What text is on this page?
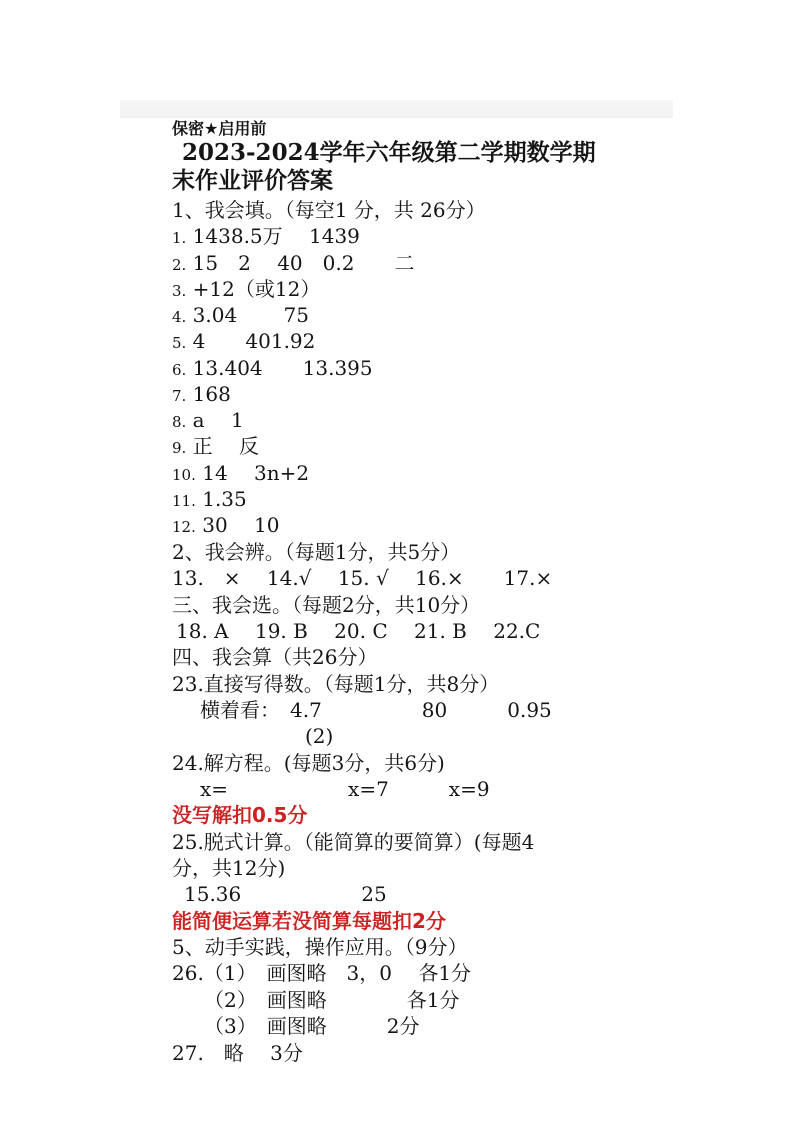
保密★启用前
2023-2024学年六年级第二学期数学期
末作业评价答案
1、我会填。（每空1 分，共 26分）
1. 1438.5万　 1439
2. 15　2　 40　0.2　　二
3. +12（或12）
4. 3.04　　 75
5. 4　　401.92
6. 13.404　　13.395
7. 168
8. a　 1
9. 正　 反
10. 14　 3n+2
11. 1.35
12. 30　 10
2、我会辨。（每题1分，共5分）
13.　×　 14.√　 15. √　 16.×　　17.×
三、我会选。（每题2分，共10分）
18. A　 19. B　 20. C　 21. B　 22.C
四、我会算（共26分）
23.直接写得数。（每题1分，共8分）
横着看：　4.7　　　　　80　　　0.95
(2)
24.解方程。(每题3分，共6分)
x=　　　　　　x=7　　　x=9
没写解扣0.5分
25.脱式计算。（能简算的要简算）(每题4
分，共12分)
15.36　　　　　　25
能简便运算若没简算每题扣2分
5、动手实践，操作应用。（9分）
26.（1）　画图略　3，0　 各1分
（2）　画图略　　　　各1分
（3）　画图略　　　2分
27.　略　 3分
